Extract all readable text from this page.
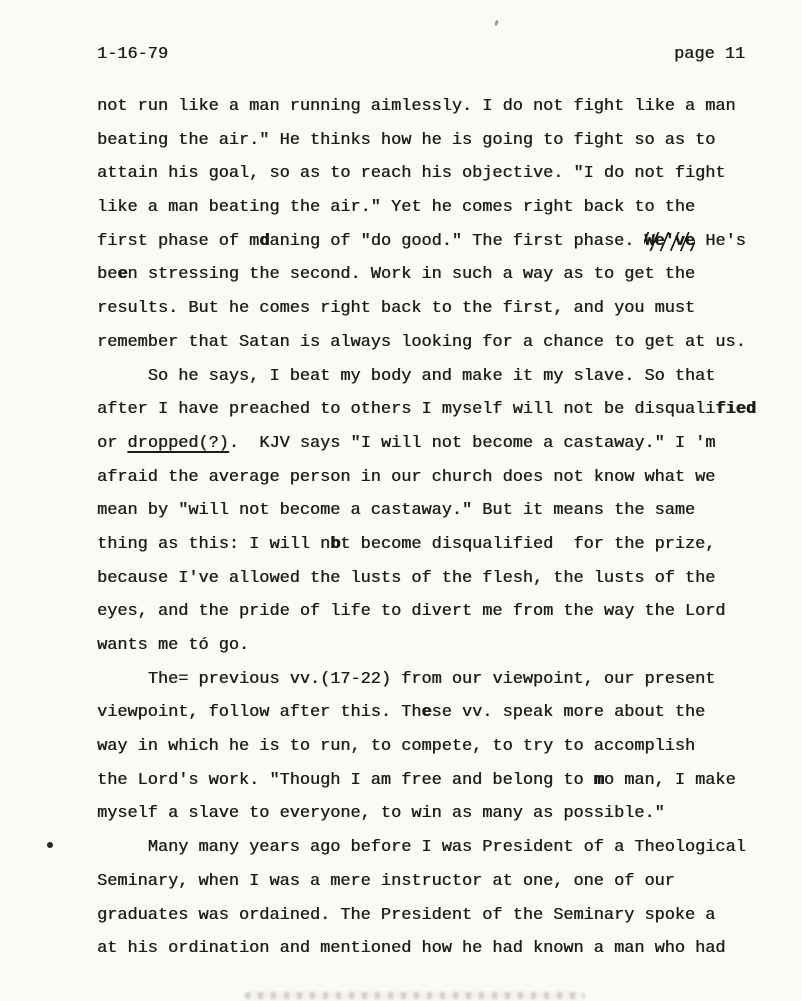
1-16-79	page 11
not run like a man running aimlessly. I do not fight like a man
beating the air." He thinks how he is going to fight so as to
attain his goal, so as to reach his objective. "I do not fight
like a man beating the air." Yet he comes right back to the
first phase of mdaning of "do good." The first phase. We've He's
been stressing the second. Work in such a way as to get the
results. But he comes right back to the first, and you must
remember that Satan is always looking for a chance to get at us.
So he says, I beat my body and make it my slave. So that
after I have preached to others I myself will not be disqualified
or dropped(?).  KJV says "I will not become a castaway." I 'm
afraid the average person in our church does not know what we
mean by "will not become a castaway." But it means the same
thing as this: I will nbt become disqualified  for the prize,
because I've allowed the lusts of the flesh, the lusts of the
eyes, and the pride of life to divert me from the way the Lord
wants me tó go.
The= previous vv.(17-22) from our viewpoint, our present
viewpoint, follow after this. These vv. speak more about the
way in which he is to run, to compete, to try to accomplish
the Lord's work. "Though I am free and belong to mo man, I make
myself a slave to everyone, to win as many as possible."
Many many years ago before I was President of a Theological
Seminary, when I was a mere instructor at one, one of our
graduates was ordained. The President of the Seminary spoke a
at his ordination and mentioned how he had known a man who had
